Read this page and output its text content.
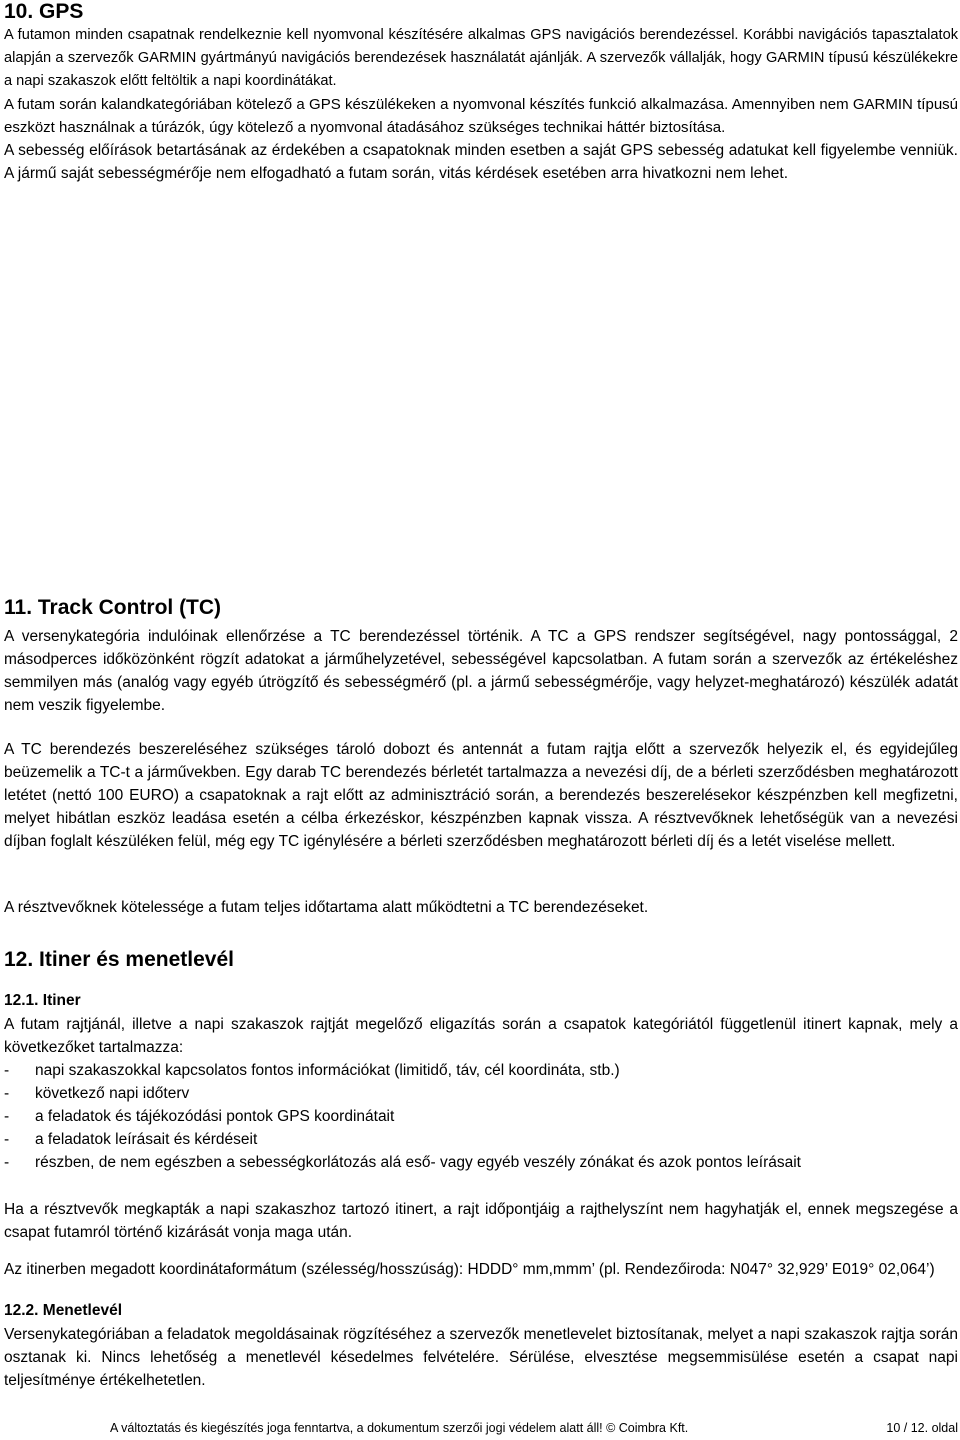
10. GPS

A futamon minden csapatnak rendelkeznie kell nyomvonal készítésére alkalmas GPS navigációs berendezéssel. Korábbi navigációs tapasztalatok alapján a szervezők GARMIN gyártmányú navigációs berendezések használatát ajánlják. A szervezők vállalják, hogy GARMIN típusú készülékekre a napi szakaszok előtt feltöltik a napi koordinátákat.

A futam során kalandkategóriában kötelező a GPS készülékeken a nyomvonal készítés funkció alkalmazása. Amennyiben nem GARMIN típusú eszközt használnak a túrázók, úgy kötelező a nyomvonal átadásához szükséges technikai háttér biztosítása.

A sebesség előírások betartásának az érdekében a csapatoknak minden esetben a saját GPS sebesség adatukat kell figyelembe venniük. A jármű saját sebességmérője nem elfogadható a futam során, vitás kérdések esetében arra hivatkozni nem lehet.

11. Track Control (TC)

A versenykategória indulóinak ellenőrzése a TC berendezéssel történik. A TC a GPS rendszer segítségével, nagy pontossággal, 2 másodperces időközönként rögzít adatokat a járműhelyzetével, sebességével kapcsolatban. A futam során a szervezők az értékeléshez semmilyen más (analóg vagy egyéb útrögzítő és sebességmérő (pl. a jármű sebességmérője, vagy helyzet-meghatározó) készülék adatát nem veszik figyelembe.

A TC berendezés beszereléséhez szükséges tároló dobozt és antennát a futam rajtja előtt a szervezők helyezik el, és egyidejűleg beüzemelik a TC-t a járművekben. Egy darab TC berendezés bérletét tartalmazza a nevezési díj, de a bérleti szerződésben meghatározott letétet (nettó 100 EURO) a csapatoknak a rajt előtt az adminisztráció során, a berendezés beszerelésekor készpénzben kell megfizetni, melyet hibátlan eszköz leadása esetén a célba érkezéskor, készpénzben kapnak vissza. A résztvevőknek lehetőségük van a nevezési díjban foglalt készüléken felül, még egy TC igénylésére a bérleti szerződésben meghatározott bérleti díj és a letét viselése mellett.

A résztvevőknek kötelessége a futam teljes időtartama alatt működtetni a TC berendezéseket.

12. Itiner és menetlevél
12.1. Itiner

A futam rajtjánál, illetve a napi szakaszok rajtját megelőző eligazítás során a csapatok kategóriától függetlenül itinert kapnak, mely a következőket tartalmazza:

- napi szakaszokkal kapcsolatos fontos információkat (limitidő, táv, cél koordináta, stb.)
- következő napi időterv
- a feladatok és tájékozódási pontok GPS koordinátait
- a feladatok leírásait és kérdéseit
- részben, de nem egészben a sebességkorlátozás alá eső- vagy egyéb veszély zónákat és azok pontos leírásait

Ha a résztvevők megkapták a napi szakaszhoz tartozó itinert, a rajt időpontjáig a rajthelyszínt nem hagyhatják el, ennek megszegése a csapat futamról történő kizárását vonja maga után.

Az itinerben megadott koordinátaformátum (szélesség/hosszúság): HDDD° mm,mmm’ (pl. Rendezőiroda: N047° 32,929’ E019° 02,064’)

12.2. Menetlevél

Versenykategóriában a feladatok megoldásainak rögzítéséhez a szervezők menetlevelet biztosítanak, melyet a napi szakaszok rajtja során osztanak ki. Nincs lehetőség a menetlevél késedelmes felvételére. Sérülése, elvesztése megsemmisülése esetén a csapat napi teljesítménye értékelhetetlen.

A változtatás és kiegészítés joga fenntartva, a dokumentum szerzői jogi védelem alatt áll! © Coimbra Kft.	10 / 12. oldal
